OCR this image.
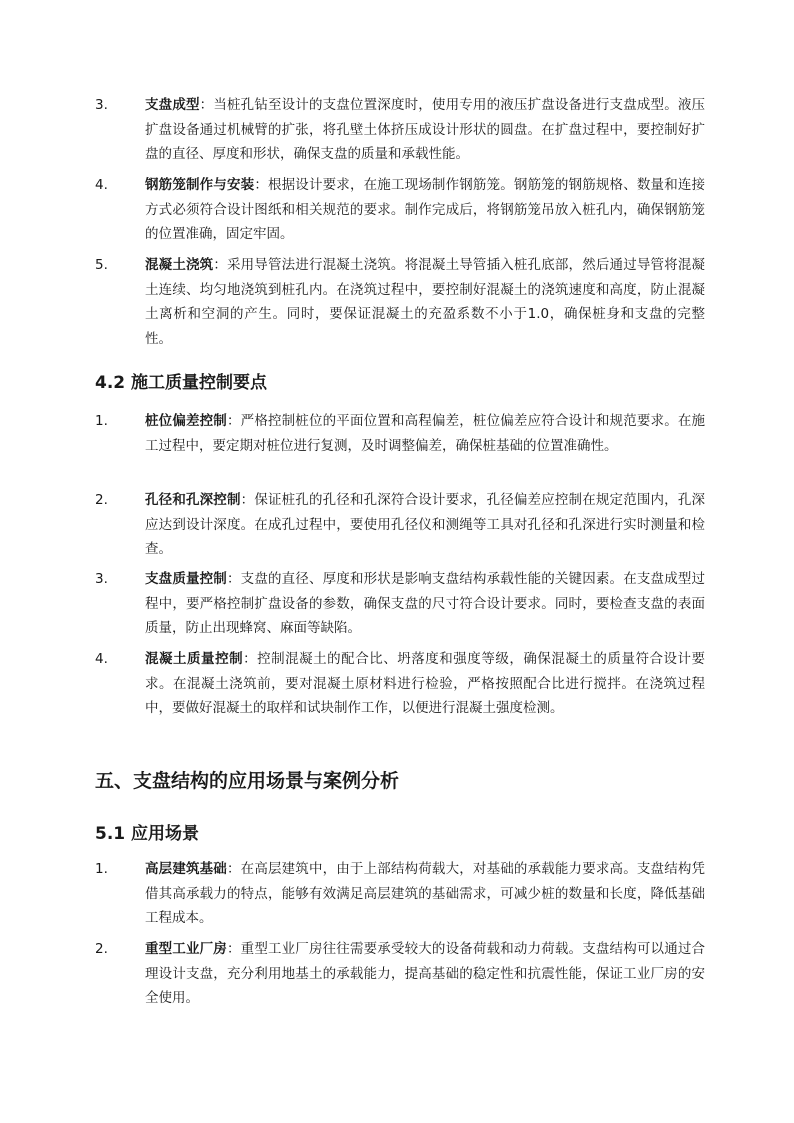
3.	支盘成型：当桩孔钻至设计的支盘位置深度时，使用专用的液压扩盘设备进行支盘成型。液压扩盘设备通过机械臂的扩张，将孔壁土体挤压成设计形状的圆盘。在扩盘过程中，要控制好扩盘的直径、厚度和形状，确保支盘的质量和承载性能。
4.	钢筋笼制作与安装：根据设计要求，在施工现场制作钢筋笼。钢筋笼的钢筋规格、数量和连接方式必须符合设计图纸和相关规范的要求。制作完成后，将钢筋笼吊放入桩孔内，确保钢筋笼的位置准确，固定牢固。
5.	混凝土浇筑：采用导管法进行混凝土浇筑。将混凝土导管插入桩孔底部，然后通过导管将混凝土连续、均匀地浇筑到桩孔内。在浇筑过程中，要控制好混凝土的浇筑速度和高度，防止混凝土离析和空洞的产生。同时，要保证混凝土的充盈系数不小于1.0，确保桩身和支盘的完整性。
4.2 施工质量控制要点
1.	桩位偏差控制：严格控制桩位的平面位置和高程偏差，桩位偏差应符合设计和规范要求。在施工过程中，要定期对桩位进行复测，及时调整偏差，确保桩基础的位置准确性。
2.	孔径和孔深控制：保证桩孔的孔径和孔深符合设计要求，孔径偏差应控制在规定范围内，孔深应达到设计深度。在成孔过程中，要使用孔径仪和测绳等工具对孔径和孔深进行实时测量和检查。
3.	支盘质量控制：支盘的直径、厚度和形状是影响支盘结构承载性能的关键因素。在支盘成型过程中，要严格控制扩盘设备的参数，确保支盘的尺寸符合设计要求。同时，要检查支盘的表面质量，防止出现蜂窝、麻面等缺陷。
4.	混凝土质量控制：控制混凝土的配合比、坍落度和强度等级，确保混凝土的质量符合设计要求。在混凝土浇筑前，要对混凝土原材料进行检验，严格按照配合比进行搅拌。在浇筑过程中，要做好混凝土的取样和试块制作工作，以便进行混凝土强度检测。
五、支盘结构的应用场景与案例分析
5.1 应用场景
1.	高层建筑基础：在高层建筑中，由于上部结构荷载大，对基础的承载能力要求高。支盘结构凭借其高承载力的特点，能够有效满足高层建筑的基础需求，可减少桩的数量和长度，降低基础工程成本。
2.	重型工业厂房：重型工业厂房往往需要承受较大的设备荷载和动力荷载。支盘结构可以通过合理设计支盘，充分利用地基土的承载能力，提高基础的稳定性和抗震性能，保证工业厂房的安全使用。
